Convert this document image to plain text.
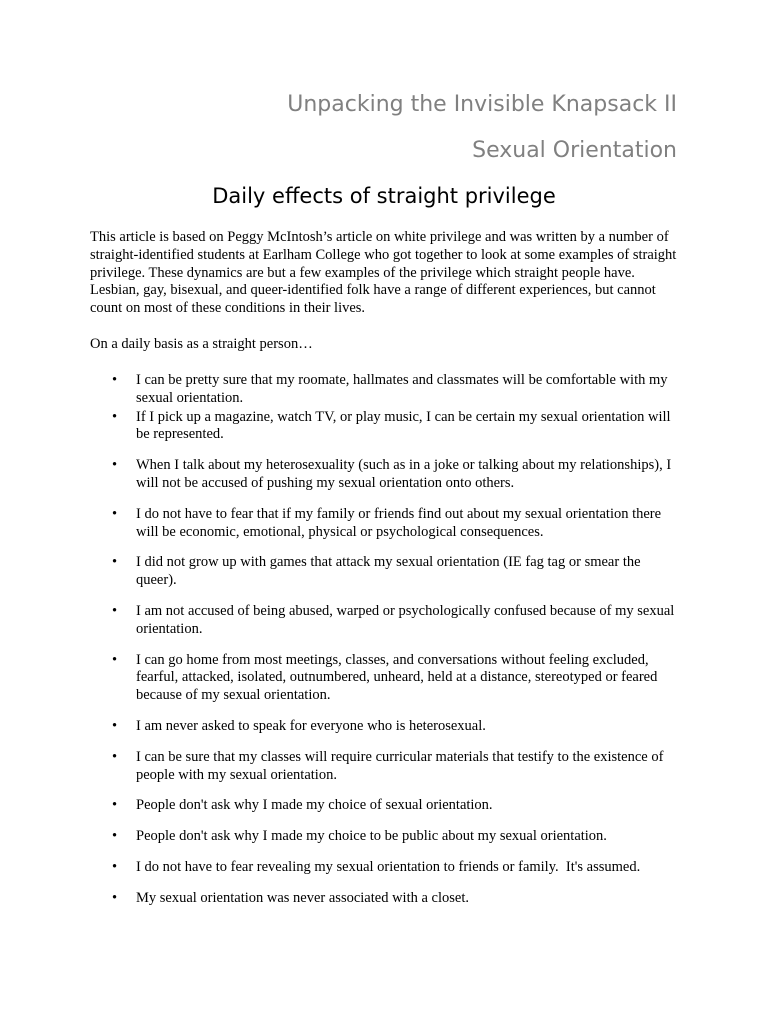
Unpacking the Invisible Knapsack II
Sexual Orientation
Daily effects of straight privilege

This article is based on Peggy McIntosh’s article on white privilege and was written by a number of straight-identified students at Earlham College who got together to look at some examples of straight privilege. These dynamics are but a few examples of the privilege which straight people have. Lesbian, gay, bisexual, and queer-identified folk have a range of different experiences, but cannot count on most of these conditions in their lives.

On a daily basis as a straight person…

• I can be pretty sure that my roomate, hallmates and classmates will be comfortable with my sexual orientation.
• If I pick up a magazine, watch TV, or play music, I can be certain my sexual orientation will be represented.
• When I talk about my heterosexuality (such as in a joke or talking about my relationships), I will not be accused of pushing my sexual orientation onto others.
• I do not have to fear that if my family or friends find out about my sexual orientation there will be economic, emotional, physical or psychological consequences.
• I did not grow up with games that attack my sexual orientation (IE fag tag or smear the queer).
• I am not accused of being abused, warped or psychologically confused because of my sexual orientation.
• I can go home from most meetings, classes, and conversations without feeling excluded, fearful, attacked, isolated, outnumbered, unheard, held at a distance, stereotyped or feared because of my sexual orientation.
• I am never asked to speak for everyone who is heterosexual.
• I can be sure that my classes will require curricular materials that testify to the existence of people with my sexual orientation.
• People don't ask why I made my choice of sexual orientation.
• People don't ask why I made my choice to be public about my sexual orientation.
• I do not have to fear revealing my sexual orientation to friends or family.  It's assumed.
• My sexual orientation was never associated with a closet.
